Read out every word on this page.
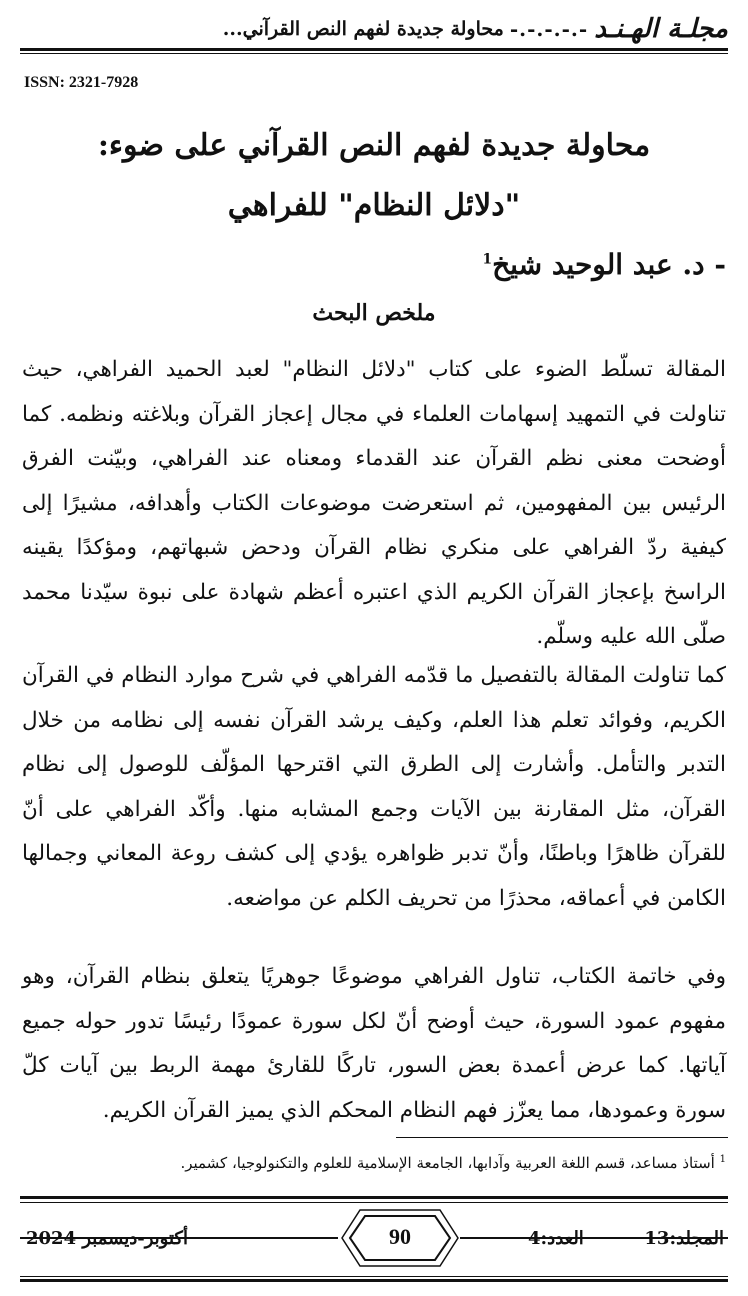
مجلـة الهـنـد
-.-.-.-.-
محاولة جديدة لفهم النص القرآني...
ISSN: 2321-7928
محاولة جديدة لفهم النص القرآني على ضوء:
"دلائل النظام" للفراهي
- د. عبد الوحيد شيخ$^1$
ملخص البحث

المقالة تسلّط الضوء على كتاب "دلائل النظام" لعبد الحميد الفراهي، حيث تناولت في التمهيد إسهامات العلماء في مجال إعجاز القرآن وبلاغته ونظمه. كما أوضحت معنى نظم القرآن عند القدماء ومعناه عند الفراهي، وبيّنت الفرق الرئيس بين المفهومين، ثم استعرضت موضوعات الكتاب وأهدافه، مشيرًا إلى كيفية ردّ الفراهي على منكري نظام القرآن ودحض شبهاتهم، ومؤكدًا يقينه الراسخ بإعجاز القرآن الكريم الذي اعتبره أعظم شهادة على نبوة سيّدنا محمد صلّى الله عليه وسلّم.

كما تناولت المقالة بالتفصيل ما قدّمه الفراهي في شرح موارد النظام في القرآن الكريم، وفوائد تعلم هذا العلم، وكيف يرشد القرآن نفسه إلى نظامه من خلال التدبر والتأمل. وأشارت إلى الطرق التي اقترحها المؤلّف للوصول إلى نظام القرآن، مثل المقارنة بين الآيات وجمع المشابه منها. وأكّد الفراهي على أنّ للقرآن ظاهرًا وباطنًا، وأنّ تدبر ظواهره يؤدي إلى كشف روعة المعاني وجمالها الكامن في أعماقه، محذرًا من تحريف الكلم عن مواضعه.

وفي خاتمة الكتاب، تناول الفراهي موضوعًا جوهريًا يتعلق بنظام القرآن، وهو مفهوم عمود السورة، حيث أوضح أنّ لكل سورة عمودًا رئيسًا تدور حوله جميع آياتها. كما عرض أعمدة بعض السور، تاركًا للقارئ مهمة الربط بين آيات كلّ سورة وعمودها، مما يعزّز فهم النظام المحكم الذي يميز القرآن الكريم.

$^1$ أستاذ مساعد، قسم اللغة العربية وآدابها، الجامعة الإسلامية للعلوم والتكنولوجيا، كشمير.
90	المجلد:13  العدد:4
أكتوبر-ديسمبر 2024
